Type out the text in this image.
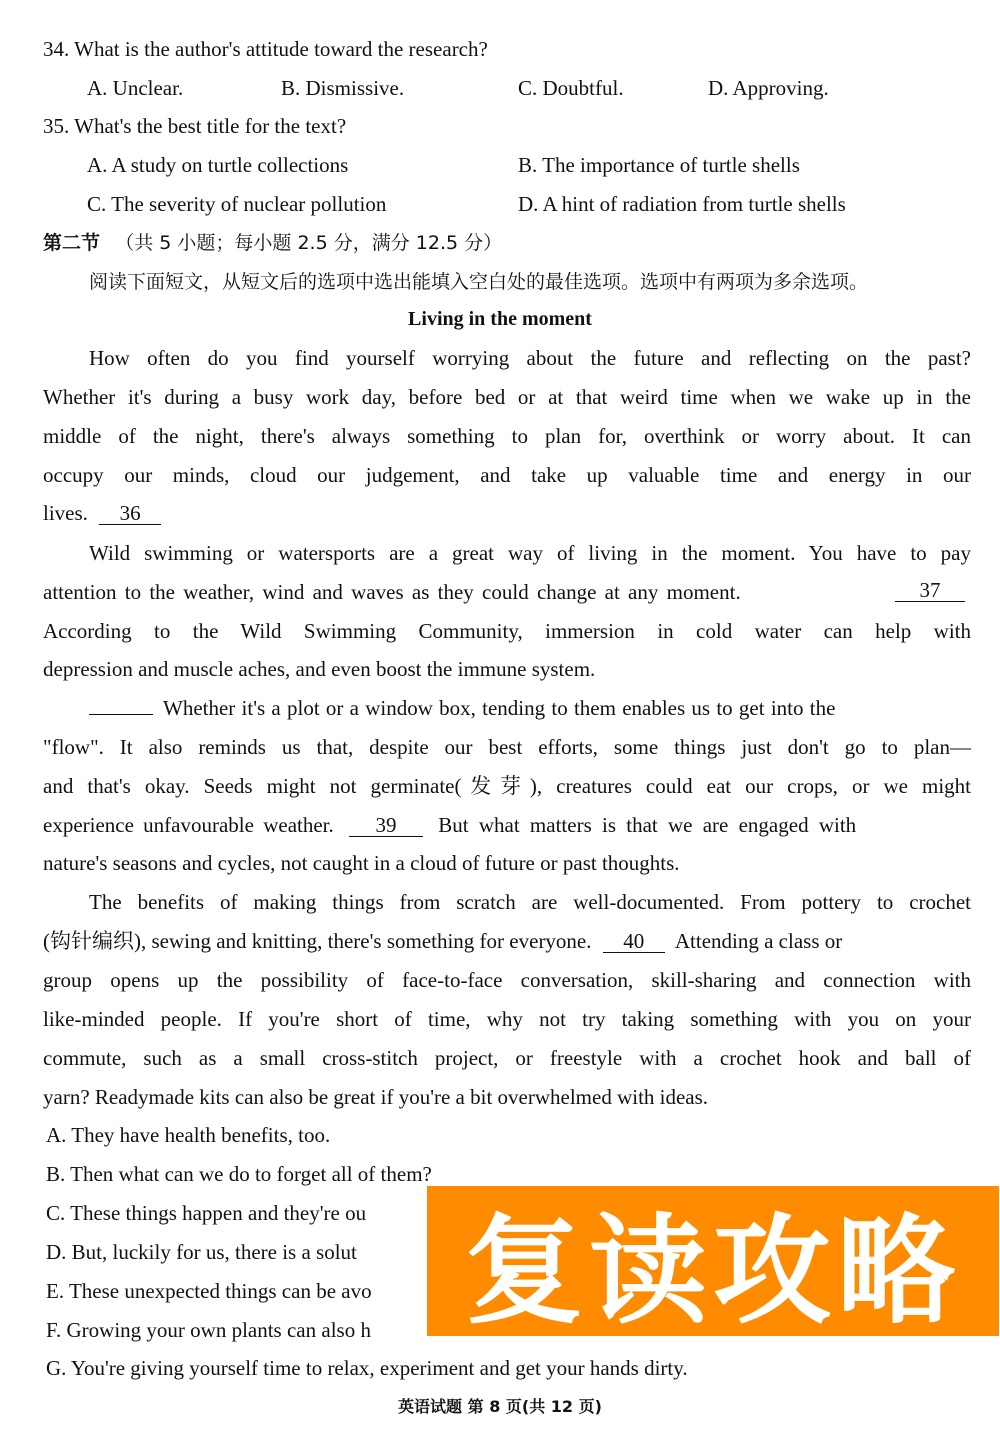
34. What is the author's attitude toward the research?
A. Unclear.	B. Dismissive.	C. Doubtful.	D. Approving.
35. What's the best title for the text?
A. A study on turtle collections	B. The importance of turtle shells
C. The severity of nuclear pollution	D. A hint of radiation from turtle shells
第二节 （共 5 小题；每小题 2.5 分，满分 12.5 分）
阅读下面短文，从短文后的选项中选出能填入空白处的最佳选项。选项中有两项为多余选项。
Living in the moment
How often do you find yourself worrying about the future and reflecting on the past?
Whether it's during a busy work day, before bed or at that weird time when we wake up in the
middle of the night, there's always something to plan for, overthink or worry about. It can
occupy our minds, cloud our judgement, and take up valuable time and energy in our
lives. 36
Wild swimming or watersports are a great way of living in the moment. You have to pay
attention to the weather, wind and waves as they could change at any moment.	37
According to the Wild Swimming Community, immersion in cold water can help with
depression and muscle aches, and even boost the immune system.
Whether it's a plot or a window box, tending to them enables us to get into the
"flow". It also reminds us that, despite our best efforts, some things just don't go to plan—
and that's okay. Seeds might not germinate(发芽), creatures could eat our crops, or we might
experience unfavourable weather. 39 But what matters is that we are engaged with
nature's seasons and cycles, not caught in a cloud of future or past thoughts.
The benefits of making things from scratch are well-documented. From pottery to crochet
(钩针编织), sewing and knitting, there's something for everyone. 40 Attending a class or
group opens up the possibility of face-to-face conversation, skill-sharing and connection with
like-minded people. If you're short of time, why not try taking something with you on your
commute, such as a small cross-stitch project, or freestyle with a crochet hook and ball of
yarn? Readymade kits can also be great if you're a bit overwhelmed with ideas.
A. They have health benefits, too.
B. Then what can we do to forget all of them?
C. These things happen and they're ou
D. But, luckily for us, there is a solut
E. These unexpected things can be avo
F. Growing your own plants can also h
G. You're giving yourself time to relax, experiment and get your hands dirty.
复读攻略
英语试题 第 8 页(共 12 页)
